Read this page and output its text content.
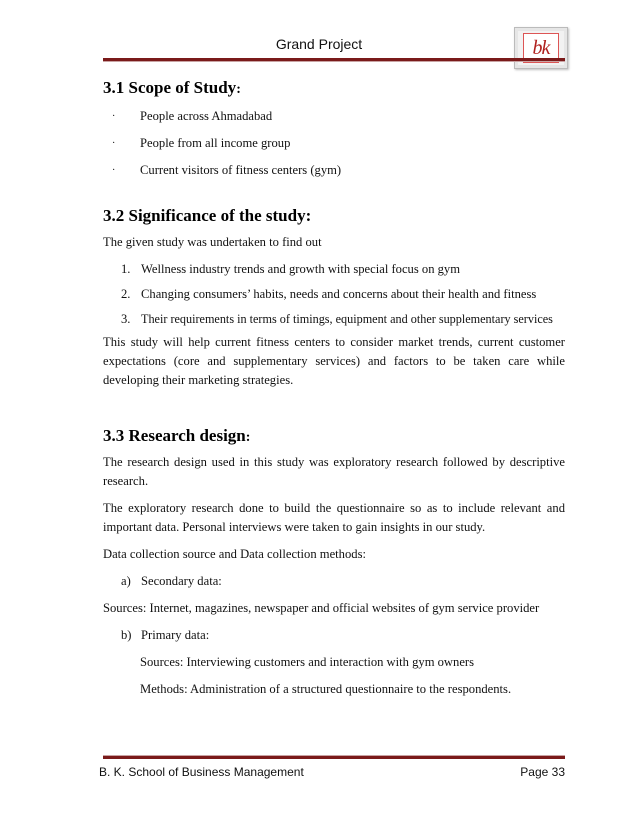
Grand Project	bk
3.1 Scope of Study:
· People across Ahmadabad
· People from all income group
· Current visitors of fitness centers (gym)
3.2 Significance of the study:

The given study was undertaken to find out

1. Wellness industry trends and growth with special focus on gym
2. Changing consumers’ habits, needs and concerns about their health and fitness
3. Their requirements in terms of timings, equipment and other supplementary services

This study will help current fitness centers to consider market trends, current customer expectations (core and supplementary services) and factors to be taken care while developing their marketing strategies.

3.3 Research design:

The research design used in this study was exploratory research followed by descriptive research.

The exploratory research done to build the questionnaire so as to include relevant and important data. Personal interviews were taken to gain insights in our study.

Data collection source and Data collection methods:

a) Secondary data:

Sources: Internet, magazines, newspaper and official websites of gym service provider

b) Primary data:

Sources: Interviewing customers and interaction with gym owners

Methods: Administration of a structured questionnaire to the respondents.

B. K. School of Business Management	Page 33
